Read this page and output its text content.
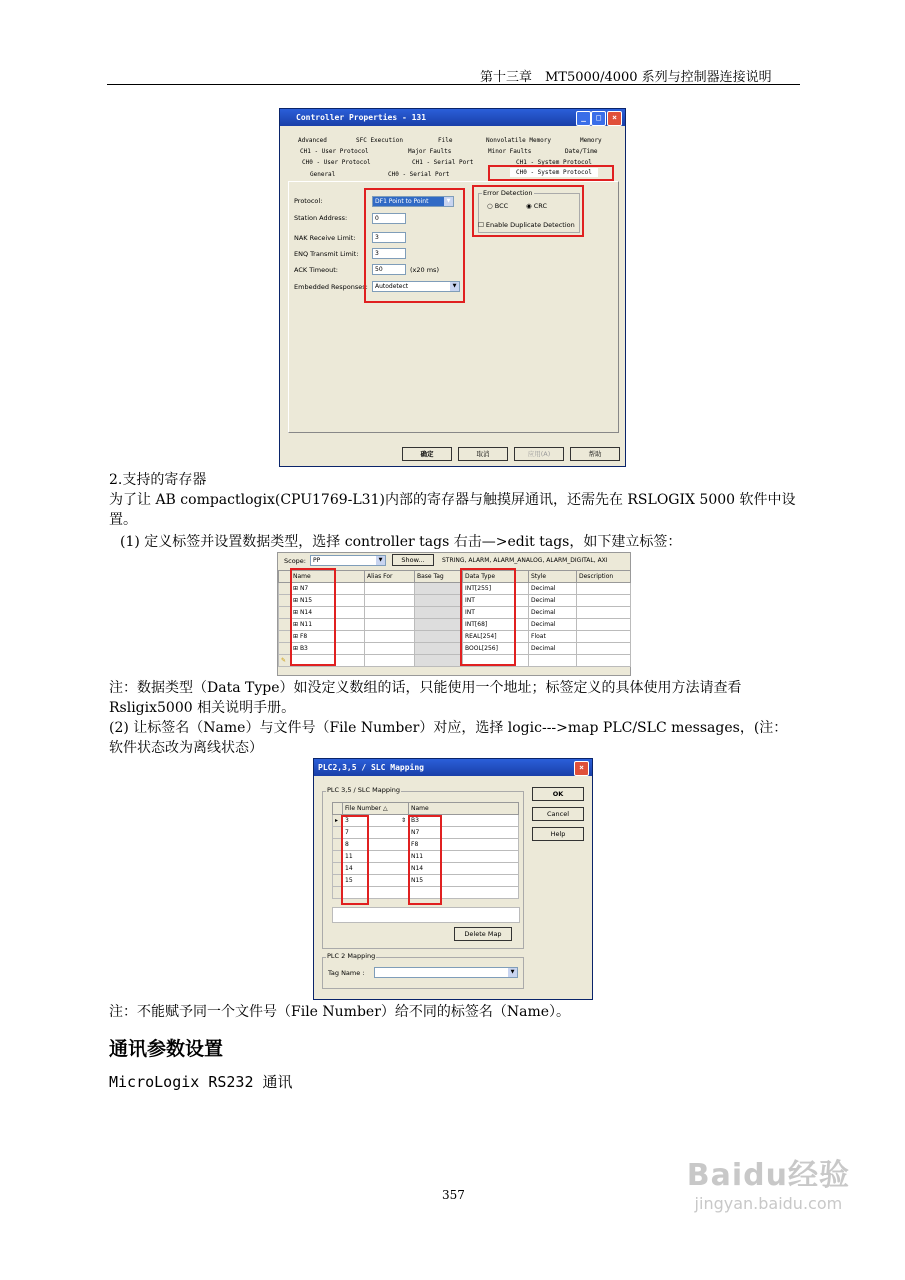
第十三章　MT5000/4000 系列与控制器连接说明
Controller Properties - 131	_	□	×
Advanced	SFC Execution	File	Nonvolatile Memory	Memory
CH1 - User Protocol	Major Faults	Minor Faults	Date/Time
CH0 - User Protocol	CH1 - Serial Port	CH1 - System Protocol
General	CH0 - Serial Port	CH0 - System Protocol
Protocol:	DF1 Point to Point	▼
Station Address:	0
NAK Receive Limit:	3
ENQ Transmit Limit:	3
ACK Timeout:	50	(x20 ms)
Embedded Responses:	Autodetect	▼
Error Detection
○ BCC	◉ CRC
☐ Enable Duplicate Detection
确定	取消	应用(A)	帮助
2.支持的寄存器
为了让 AB compactlogix(CPU1769-L31)内部的寄存器与触摸屏通讯，还需先在 RSLOGIX 5000 软件中设置。
(1) 定义标签并设置数据类型，选择 controller tags 右击—>edit tags，如下建立标签：
Scope:	PP	▼	Show...	STRING, ALARM, ALARM_ANALOG, ALARM_DIGITAL, AXI
	Name	Alias For	Base Tag	Data Type	Style	Description
	⊞ N7			INT[255]	Decimal	
	⊞ N15			INT	Decimal	
	⊞ N14			INT	Decimal	
	⊞ N11			INT[68]	Decimal	
	⊞ F8			REAL[254]	Float	
	⊞ B3			BOOL[256]	Decimal	
✎						
注：数据类型（Data Type）如没定义数组的话，只能使用一个地址；标签定义的具体使用方法请查看 Rsligix5000 相关说明手册。
(2) 让标签名（Name）与文件号（File Number）对应，选择 logic--->map PLC/SLC messages，(注：软件状态改为离线状态）
PLC2,3,5 / SLC Mapping	×
PLC 3,5 / SLC Mapping
	File Number △	Name
▸	3 ⇕	B3
	7	N7
	8	F8
	11	N11
	14	N14
	15	N15

Delete Map
OK
Cancel
Help
PLC 2 Mapping
Tag Name :	▼
注：不能赋予同一个文件号（File Number）给不同的标签名（Name）。
通讯参数设置
MicroLogix RS232 通讯
357
Baidu经验
jingyan.baidu.com
